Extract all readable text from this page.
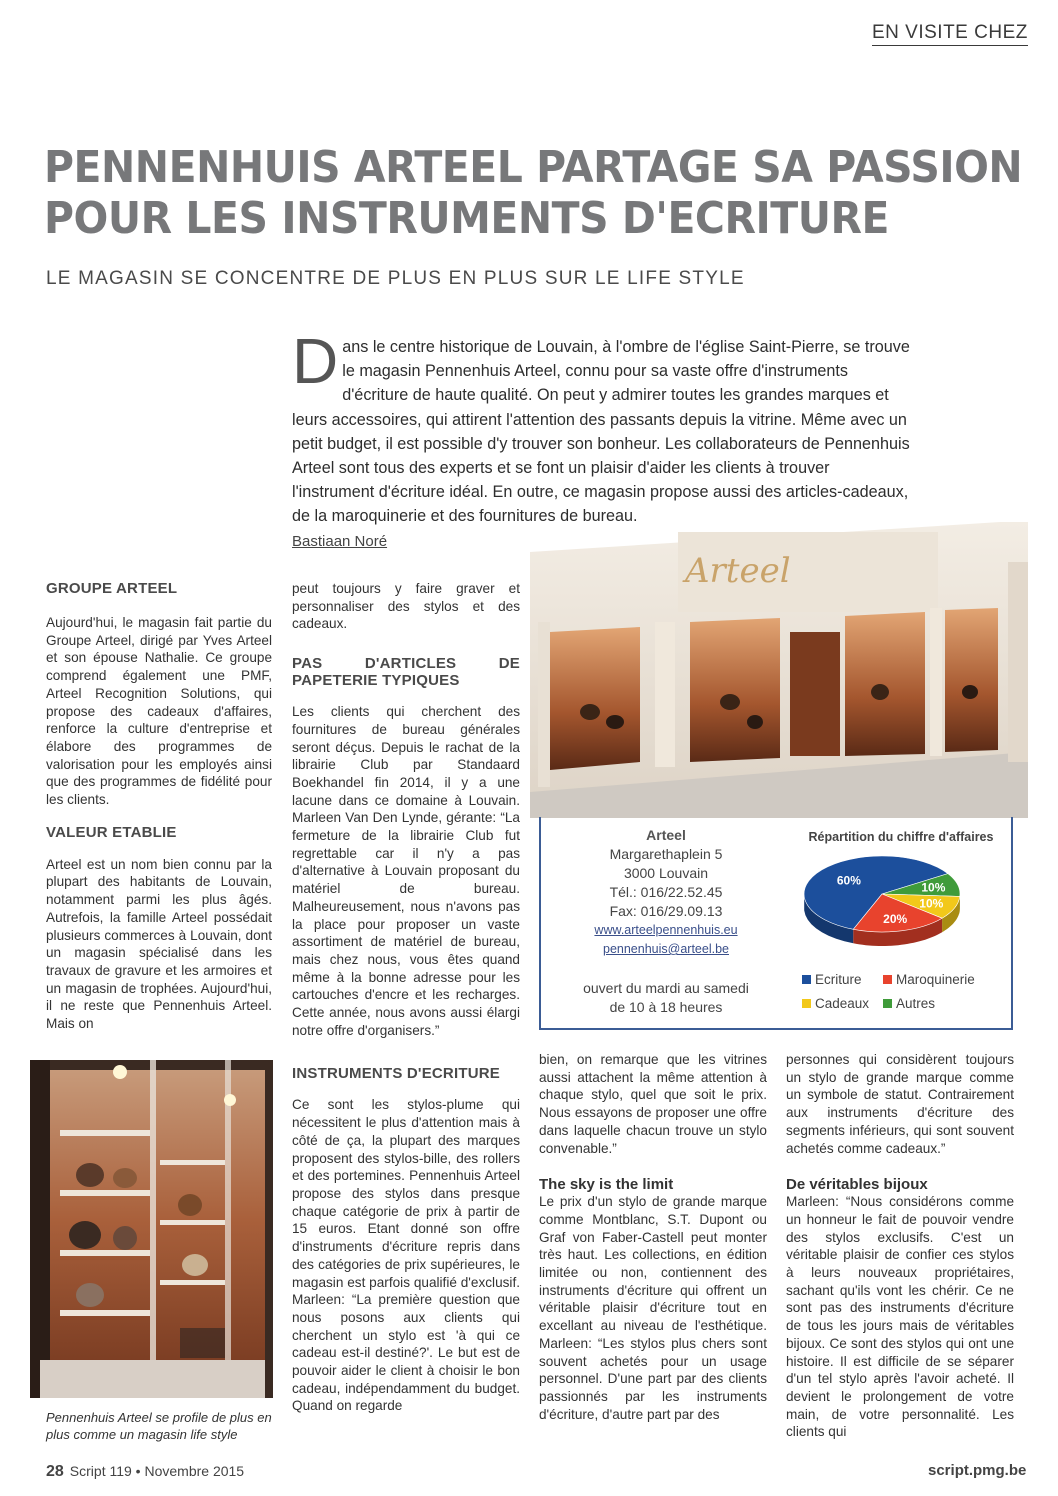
EN VISITE CHEZ
PENNENHUIS ARTEEL PARTAGE SA PASSION
POUR LES INSTRUMENTS D'ECRITURE
LE MAGASIN SE CONCENTRE DE PLUS EN PLUS SUR LE LIFE STYLE
D ans le centre historique de Louvain, à l'ombre de l'église Saint-Pierre, se trouve le magasin Pennenhuis Arteel, connu pour sa vaste offre d'instruments d'écriture de haute qualité. On peut y admirer toutes les grandes marques et leurs accessoires, qui attirent l'attention des passants depuis la vitrine. Même avec un petit budget, il est possible d'y trouver son bonheur. Les collaborateurs de Pennenhuis Arteel sont tous des experts et se font un plaisir d'aider les clients à trouver l'instrument d'écriture idéal. En outre, ce magasin propose aussi des articles-cadeaux, de la maroquinerie et des fournitures de bureau.
Bastiaan Noré
GROUPE ARTEEL

Aujourd'hui, le magasin fait partie du Groupe Arteel, dirigé par Yves Arteel et son épouse Nathalie. Ce groupe comprend également une PMF, Arteel Recognition Solutions, qui propose des cadeaux d'affaires, renforce la culture d'entreprise et élabore des programmes de valorisation pour les employés ainsi que des programmes de fidélité pour les clients.

VALEUR ETABLIE

Arteel est un nom bien connu par la plupart des habitants de Louvain, notamment parmi les plus âgés. Autrefois, la famille Arteel possédait plusieurs commerces à Louvain, dont un magasin spécialisé dans les travaux de gravure et les armoires et un magasin de trophées. Aujourd'hui, il ne reste que Pennenhuis Arteel. Mais on

Pennenhuis Arteel se profile de plus en plus comme un magasin life style

peut toujours y faire graver et personnaliser des stylos et des cadeaux.

PAS D'ARTICLES DE PAPETERIE TYPIQUES

Les clients qui cherchent des fournitures de bureau générales seront déçus. Depuis le rachat de la librairie Club par Standaard Boekhandel fin 2014, il y a une lacune dans ce domaine à Louvain. Marleen Van Den Lynde, gérante: “La fermeture de la librairie Club fut regrettable car il n'y a pas d'alternative à Louvain proposant du matériel de bureau. Malheureusement, nous n'avons pas la place pour proposer un vaste assortiment de matériel de bureau, mais chez nous, vous êtes quand même à la bonne adresse pour les cartouches d'encre et les recharges. Cette année, nous avons aussi élargi notre offre d'organisers.”

INSTRUMENTS D'ECRITURE

Ce sont les stylos-plume qui nécessitent le plus d'attention mais à côté de ça, la plupart des marques proposent des stylos-bille, des rollers et des portemines. Pennenhuis Arteel propose des stylos dans presque chaque catégorie de prix à partir de 15 euros. Etant donné son offre d'instruments d'écriture repris dans des catégories de prix supérieures, le magasin est parfois qualifié d'exclusif. Marleen: “La première question que nous posons aux clients qui cherchent un stylo est 'à qui ce cadeau est-il destiné?'. Le but est de pouvoir aider le client à choisir le bon cadeau, indépendamment du budget. Quand on regarde

Arteel
Arteel
Margarethaplein 5
3000 Louvain
Tél.: 016/22.52.45
Fax: 016/29.09.13
www.arteelpennenhuis.eu
pennenhuis@arteel.be
ouvert du mardi au samedi
de 10 à 18 heures
Répartition du chiffre d'affaires
60%	10%
10%
20%
Ecriture	Maroquinerie
Cadeaux	Autres

bien, on remarque que les vitrines aussi attachent la même attention à chaque stylo, quel que soit le prix. Nous essayons de proposer une offre dans laquelle chacun trouve un stylo convenable.”

The sky is the limit

Le prix d'un stylo de grande marque comme Montblanc, S.T. Dupont ou Graf von Faber-Castell peut monter très haut. Les collections, en édition limitée ou non, contiennent des instruments d'écriture qui offrent un véritable plaisir d'écriture tout en excellant au niveau de l'esthétique. Marleen: “Les stylos plus chers sont souvent achetés pour un usage personnel. D'une part par des clients passionnés par les instruments d'écriture, d'autre part par des

personnes qui considèrent toujours un stylo de grande marque comme un symbole de statut. Contrairement aux instruments d'écriture des segments inférieurs, qui sont souvent achetés comme cadeaux.”

De véritables bijoux

Marleen: “Nous considérons comme un honneur le fait de pouvoir vendre des stylos exclusifs. C'est un véritable plaisir de confier ces stylos à leurs nouveaux propriétaires, sachant qu'ils vont les chérir. Ce ne sont pas des instruments d'écriture de tous les jours mais de véritables bijoux. Ce sont des stylos qui ont une histoire. Il est difficile de se séparer d'un tel stylo après l'avoir acheté. Il devient le prolongement de votre main, de votre personnalité. Les clients qui

28 Script 119 • Novembre 2015	script.pmg.be
